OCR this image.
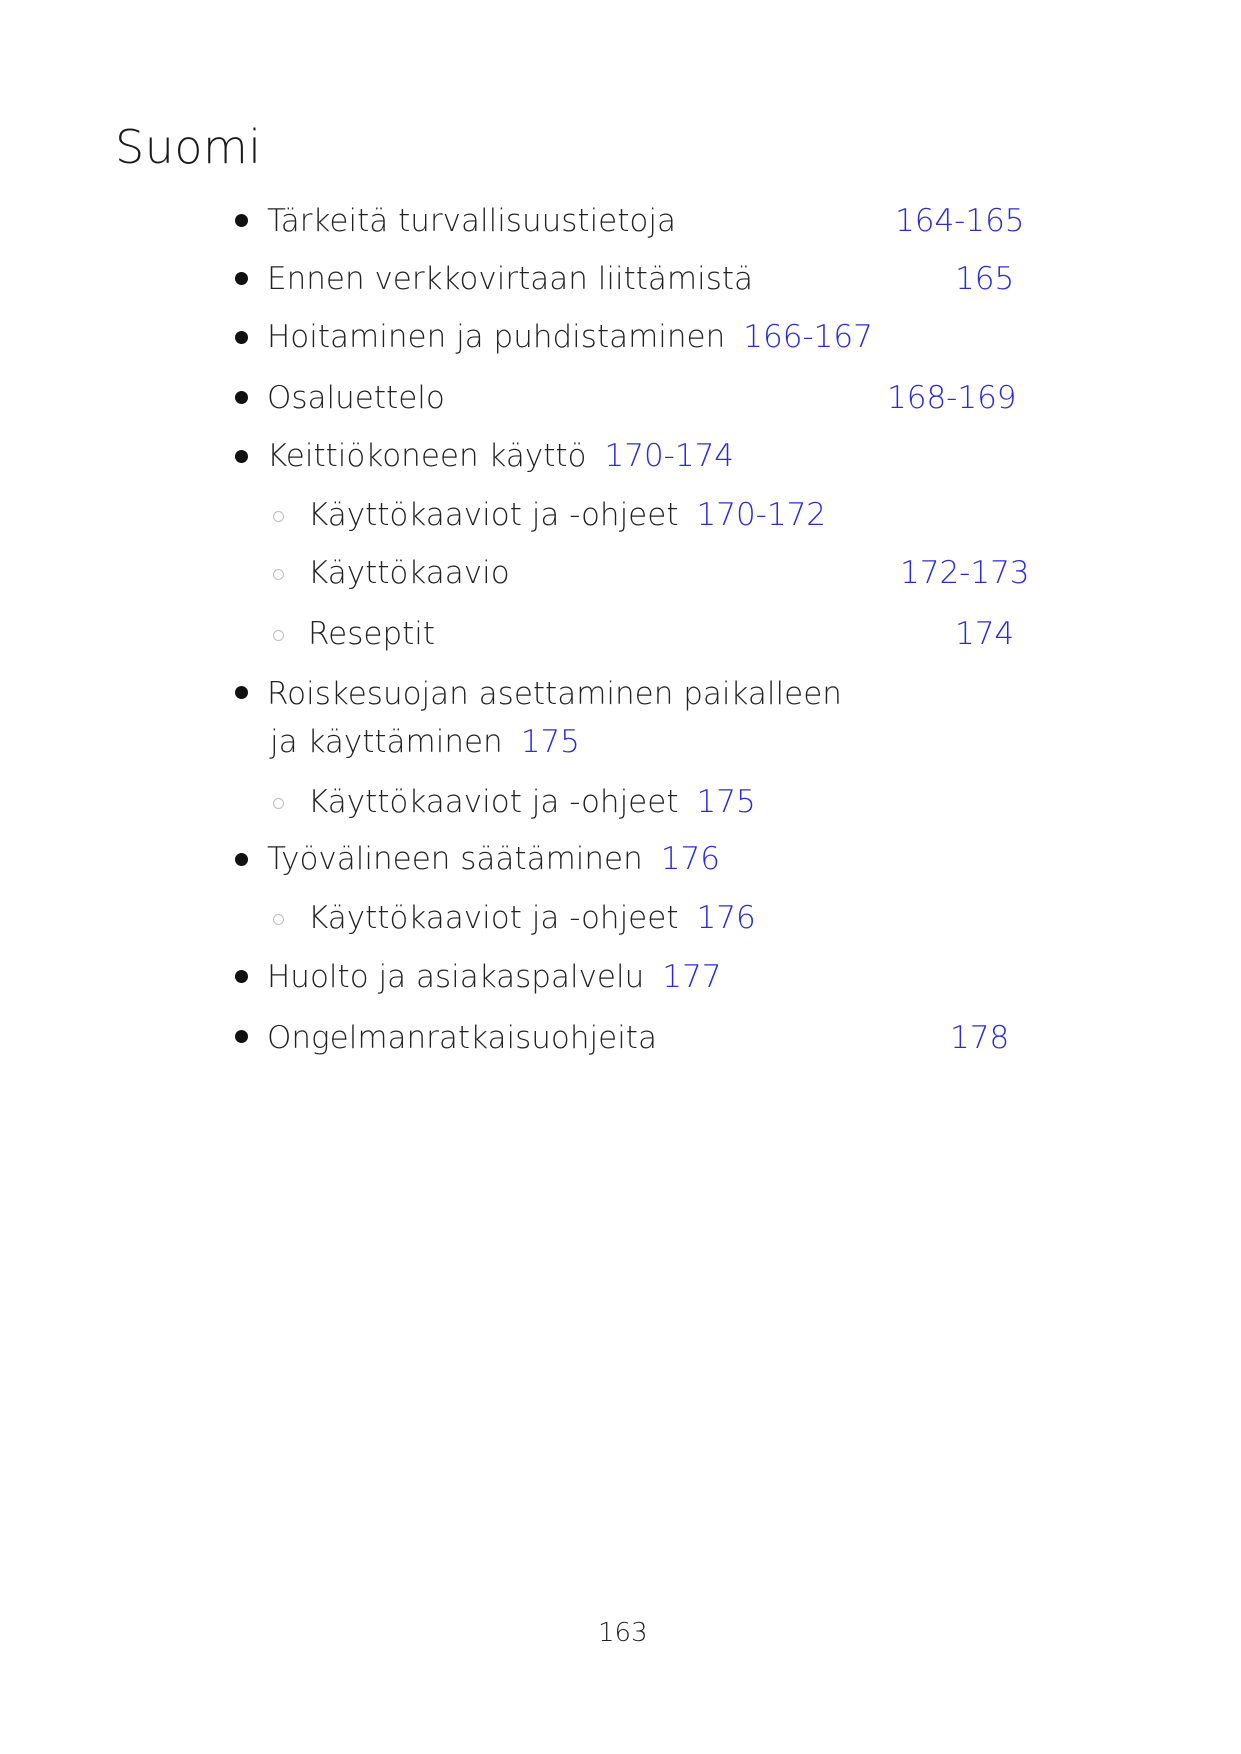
Suomi
Tärkeitä turvallisuustietoja	164-165
Ennen verkkovirtaan liittämistä	165
Hoitaminen ja puhdistaminen 166-167
Osaluettelo	168-169
Keittiökoneen käyttö 170-174
Käyttökaaviot ja -ohjeet 170-172
Käyttökaavio	172-173
Reseptit	174
Roiskesuojan asettaminen paikalleen
ja käyttäminen 175
Käyttökaaviot ja -ohjeet 175
Työvälineen säätäminen 176
Käyttökaaviot ja -ohjeet 176
Huolto ja asiakaspalvelu 177
Ongelmanratkaisuohjeita	178
163
